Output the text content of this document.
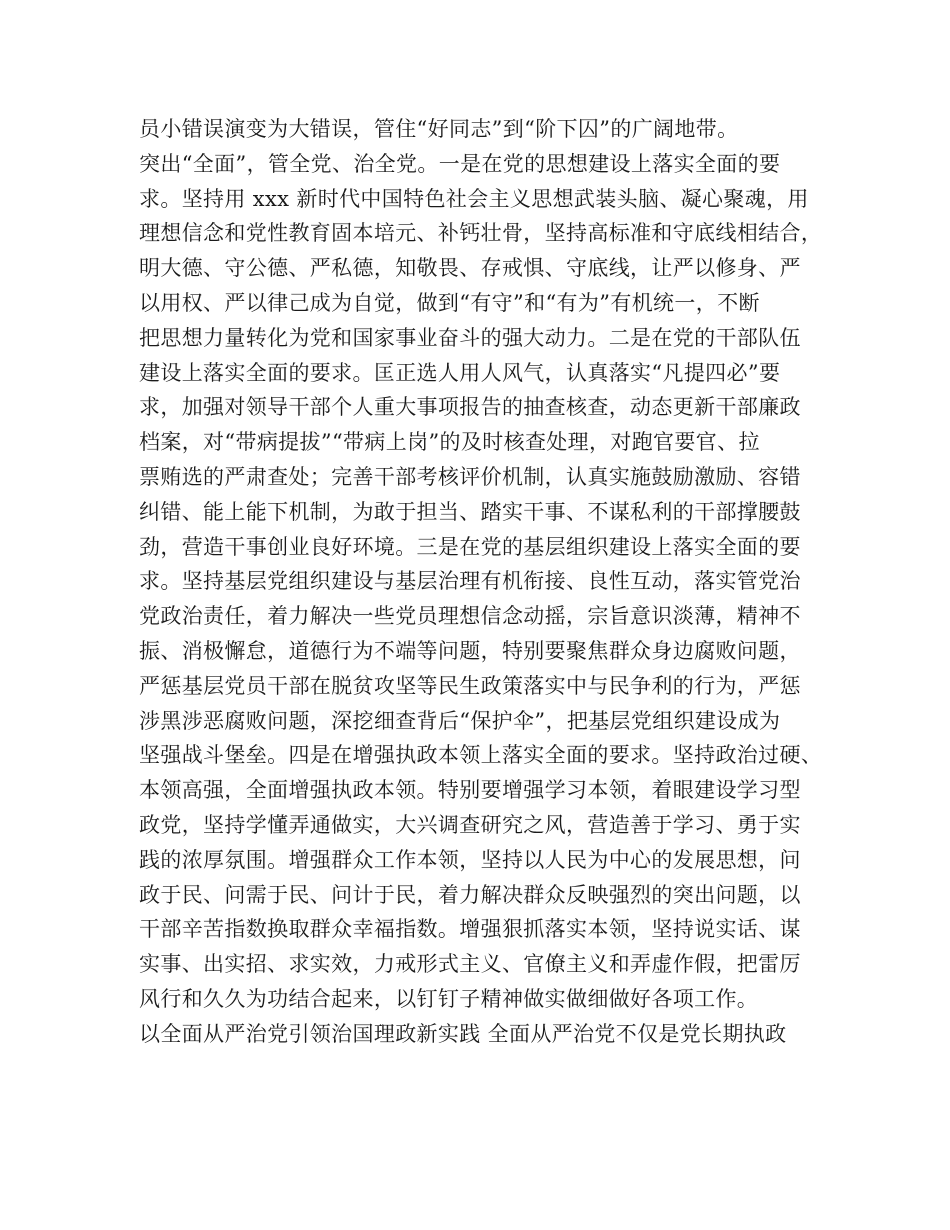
员小错误演变为大错误，管住“好同志”到“阶下囚”的广阔地带。
突出“全面”，管全党、治全党。一是在党的思想建设上落实全面的要
求。坚持用 xxx 新时代中国特色社会主义思想武装头脑、凝心聚魂，用
理想信念和党性教育固本培元、补钙壮骨，坚持高标准和守底线相结合，
明大德、守公德、严私德，知敬畏、存戒惧、守底线，让严以修身、严
以用权、严以律己成为自觉，做到“有守”和“有为”有机统一，不断
把思想力量转化为党和国家事业奋斗的强大动力。二是在党的干部队伍
建设上落实全面的要求。匡正选人用人风气，认真落实“凡提四必”要
求，加强对领导干部个人重大事项报告的抽查核查，动态更新干部廉政
档案，对“带病提拔”“带病上岗”的及时核查处理，对跑官要官、拉
票贿选的严肃查处；完善干部考核评价机制，认真实施鼓励激励、容错
纠错、能上能下机制，为敢于担当、踏实干事、不谋私利的干部撑腰鼓
劲，营造干事创业良好环境。三是在党的基层组织建设上落实全面的要
求。坚持基层党组织建设与基层治理有机衔接、良性互动，落实管党治
党政治责任，着力解决一些党员理想信念动摇，宗旨意识淡薄，精神不
振、消极懈怠，道德行为不端等问题，特别要聚焦群众身边腐败问题，
严惩基层党员干部在脱贫攻坚等民生政策落实中与民争利的行为，严惩
涉黑涉恶腐败问题，深挖细查背后“保护伞”，把基层党组织建设成为
坚强战斗堡垒。四是在增强执政本领上落实全面的要求。坚持政治过硬、
本领高强，全面增强执政本领。特别要增强学习本领，着眼建设学习型
政党，坚持学懂弄通做实，大兴调查研究之风，营造善于学习、勇于实
践的浓厚氛围。增强群众工作本领，坚持以人民为中心的发展思想，问
政于民、问需于民、问计于民，着力解决群众反映强烈的突出问题，以
干部辛苦指数换取群众幸福指数。增强狠抓落实本领，坚持说实话、谋
实事、出实招、求实效，力戒形式主义、官僚主义和弄虚作假，把雷厉
风行和久久为功结合起来，以钉钉子精神做实做细做好各项工作。
以全面从严治党引领治国理政新实践 全面从严治党不仅是党长期执政
